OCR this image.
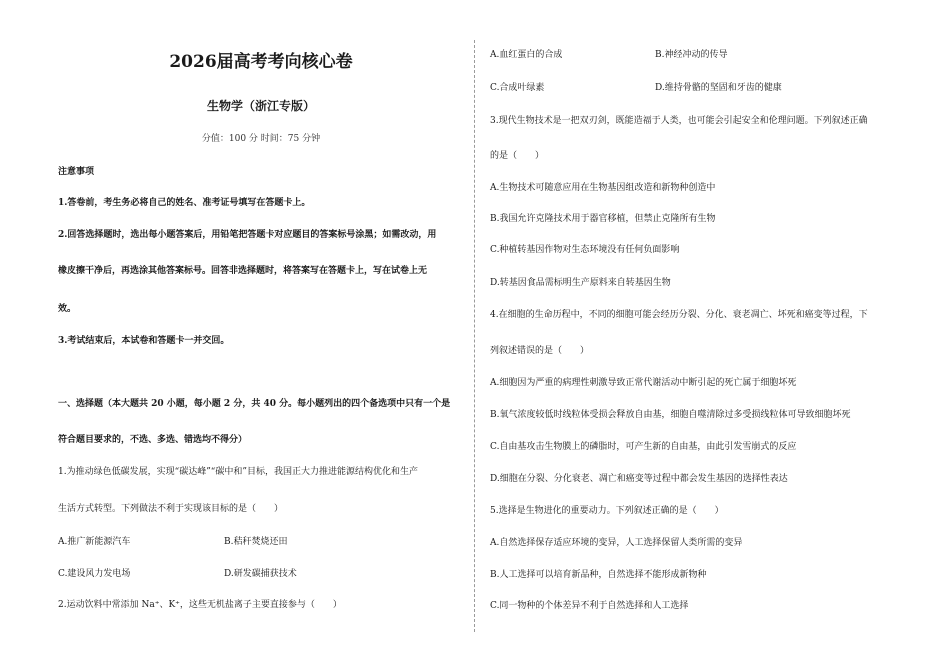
2026届高考考向核心卷
生物学（浙江专版）
分值：100 分 时间：75 分钟
注意事项
1.答卷前，考生务必将自己的姓名、准考证号填写在答题卡上。
2.回答选择题时，选出每小题答案后，用铅笔把答题卡对应题目的答案标号涂黑；如需改动，用
橡皮擦干净后，再选涂其他答案标号。回答非选择题时，将答案写在答题卡上，写在试卷上无
效。
3.考试结束后，本试卷和答题卡一并交回。
一、选择题（本大题共 20 小题，每小题 2 分，共 40 分。每小题列出的四个备选项中只有一个是
符合题目要求的，不选、多选、错选均不得分）
1.为推动绿色低碳发展，实现“碳达峰”“碳中和”目标，我国正大力推进能源结构优化和生产
生活方式转型。下列做法不利于实现该目标的是（　　）
A.推广新能源汽车	B.秸秆焚烧还田
C.建设风力发电场	D.研发碳捕获技术
2.运动饮料中常添加 Na⁺、K⁺，这些无机盐离子主要直接参与（　　）
A.血红蛋白的合成	B.神经冲动的传导
C.合成叶绿素	D.维持骨骼的坚固和牙齿的健康
3.现代生物技术是一把双刃剑，既能造福于人类，也可能会引起安全和伦理问题。下列叙述正确
的是（　　）
A.生物技术可随意应用在生物基因组改造和新物种创造中
B.我国允许克隆技术用于器官移植，但禁止克隆所有生物
C.种植转基因作物对生态环境没有任何负面影响
D.转基因食品需标明生产原料来自转基因生物
4.在细胞的生命历程中，不同的细胞可能会经历分裂、分化、衰老凋亡、坏死和癌变等过程，下
列叙述错误的是（　　）
A.细胞因为严重的病理性刺激导致正常代谢活动中断引起的死亡属于细胞坏死
B.氧气浓度较低时线粒体受损会释放自由基，细胞自噬清除过多受损线粒体可导致细胞坏死
C.自由基攻击生物膜上的磷脂时，可产生新的自由基，由此引发雪崩式的反应
D.细胞在分裂、分化衰老、凋亡和癌变等过程中都会发生基因的选择性表达
5.选择是生物进化的重要动力。下列叙述正确的是（　　）
A.自然选择保存适应环境的变异，人工选择保留人类所需的变异
B.人工选择可以培育新品种，自然选择不能形成新物种
C.同一物种的个体差异不利于自然选择和人工选择
